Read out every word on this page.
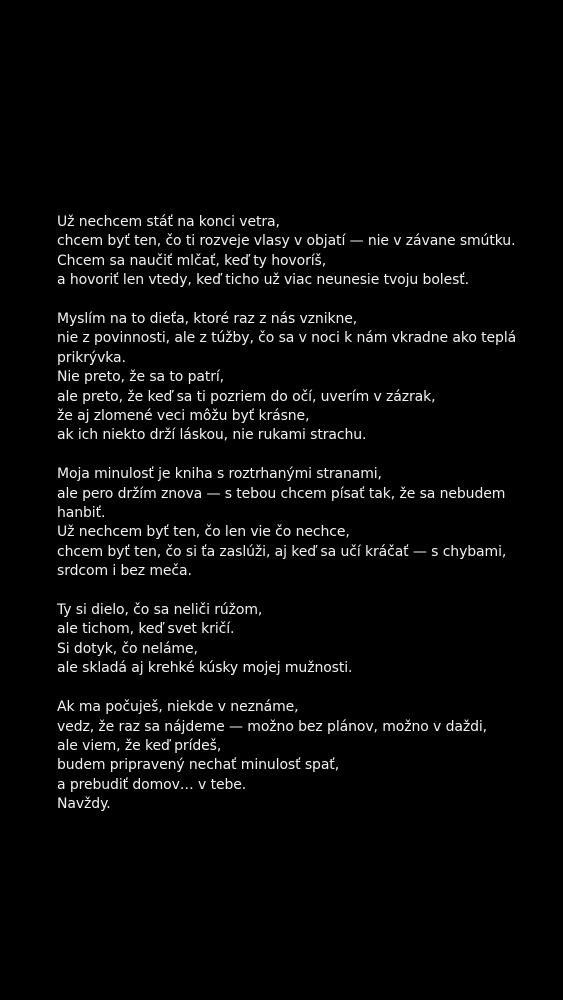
Už nechcem stáť na konci vetra,
chcem byť ten, čo ti rozveje vlasy v objatí — nie v závane smútku.
Chcem sa naučiť mlčať, keď ty hovoríš,
a hovoriť len vtedy, keď ticho už viac neunesie tvoju bolesť.
Myslím na to dieťa, ktoré raz z nás vznikne,
nie z povinnosti, ale z túžby, čo sa v noci k nám vkradne ako teplá prikrývka.
Nie preto, že sa to patrí,
ale preto, že keď sa ti pozriem do očí, uverím v zázrak,
že aj zlomené veci môžu byť krásne,
ak ich niekto drží láskou, nie rukami strachu.
Moja minulosť je kniha s roztrhanými stranami,
ale pero držím znova — s tebou chcem písať tak, že sa nebudem hanbiť.
Už nechcem byť ten, čo len vie čo nechce,
chcem byť ten, čo si ťa zaslúži, aj keď sa učí kráčať — s chybami, srdcom i bez meča.
Ty si dielo, čo sa neliči rúžom,
ale tichom, keď svet kričí.
Si dotyk, čo neláme,
ale skladá aj krehké kúsky mojej mužnosti.
Ak ma počuješ, niekde v neznáme,
vedz, že raz sa nájdeme — možno bez plánov, možno v daždi,
ale viem, že keď prídeš,
budem pripravený nechať minulosť spať,
a prebudiť domov… v tebe.
Navždy.
